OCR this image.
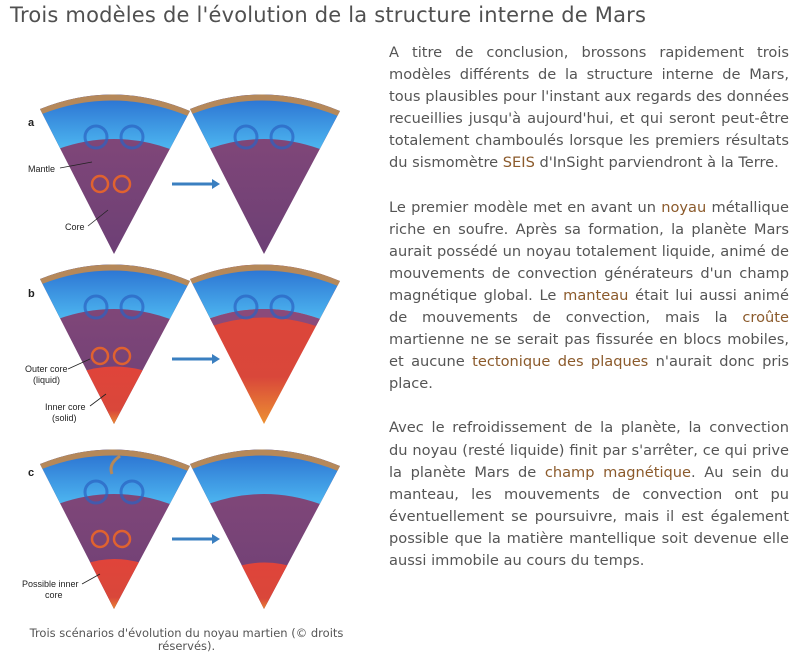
Trois modèles de l'évolution de la structure interne de Mars
a
Mantle
Core
b
Outer core
(liquid)
Inner core
(solid)
c
Possible inner
core
Trois scénarios d'évolution du noyau martien (© droits réservés).

A titre de conclusion, brossons rapidement trois modèles différents de la structure interne de Mars, tous plausibles pour l'instant aux regards des données recueillies jusqu'à aujourd'hui, et qui seront peut-être totalement chamboulés lorsque les premiers résultats du sismomètre SEIS d'InSight parviendront à la Terre.

Le premier modèle met en avant un noyau métallique riche en soufre. Après sa formation, la planète Mars aurait possédé un noyau totalement liquide, animé de mouvements de convection générateurs d'un champ magnétique global. Le manteau était lui aussi animé de mouvements de convection, mais la croûte martienne ne se serait pas fissurée en blocs mobiles, et aucune tectonique des plaques n'aurait donc pris place.

Avec le refroidissement de la planète, la convection du noyau (resté liquide) finit par s'arrêter, ce qui prive la planète Mars de champ magnétique. Au sein du manteau, les mouvements de convection ont pu éventuellement se poursuivre, mais il est également possible que la matière mantellique soit devenue elle aussi immobile au cours du temps.
